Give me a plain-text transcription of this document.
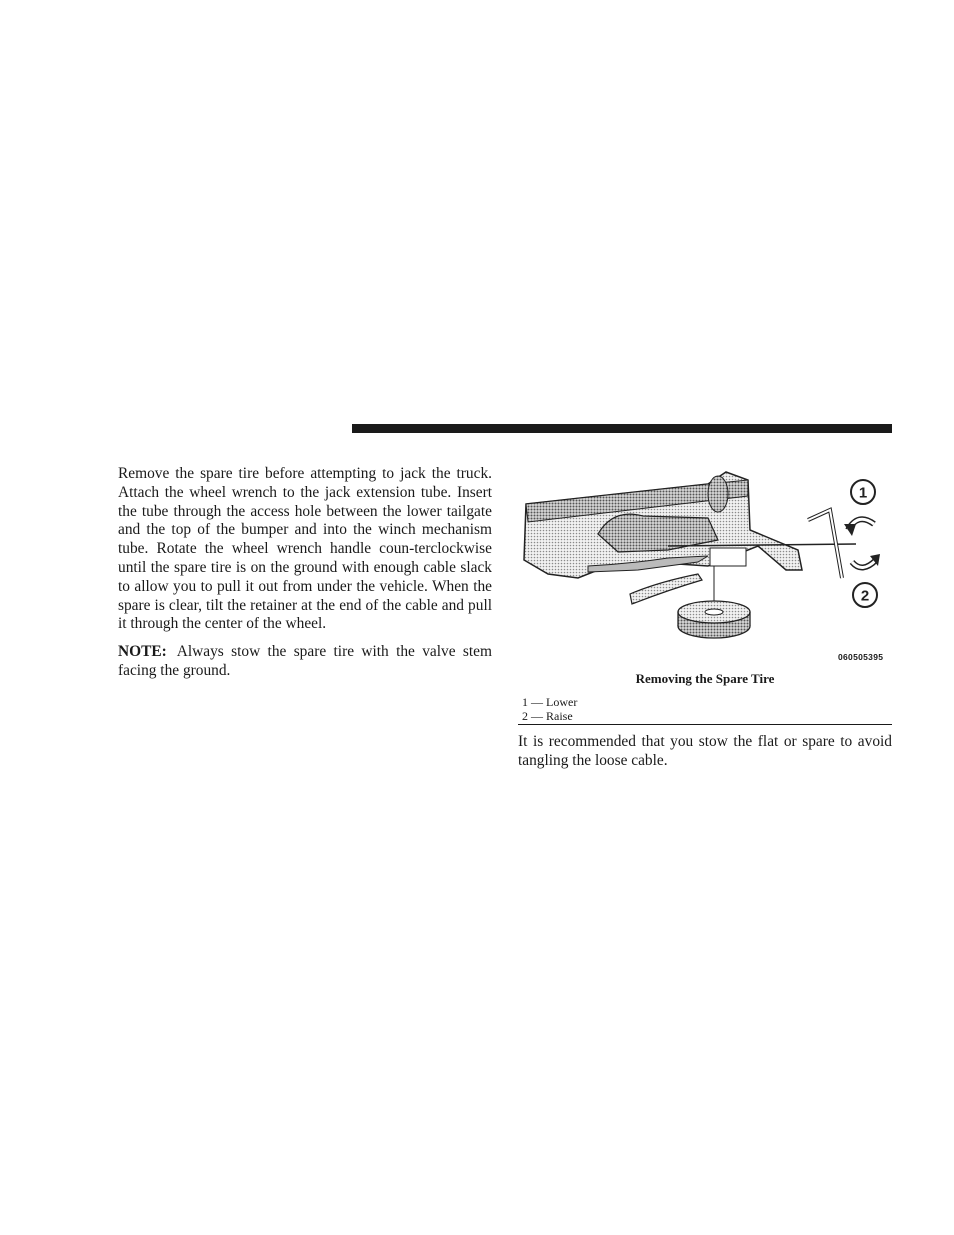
Remove the spare tire before attempting to jack the truck. Attach the wheel wrench to the jack extension tube. Insert the tube through the access hole between the lower tailgate and the top of the bumper and into the winch mechanism tube. Rotate the wheel wrench handle coun-terclockwise until the spare tire is on the ground with enough cable slack to allow you to pull it out from under the vehicle. When the spare is clear, tilt the retainer at the end of the cable and pull it through the center of the wheel.

NOTE: Always stow the spare tire with the valve stem facing the ground.

1
2
060505395
Removing the Spare Tire
1 — Lower
2 — Raise

It is recommended that you stow the flat or spare to avoid tangling the loose cable.
